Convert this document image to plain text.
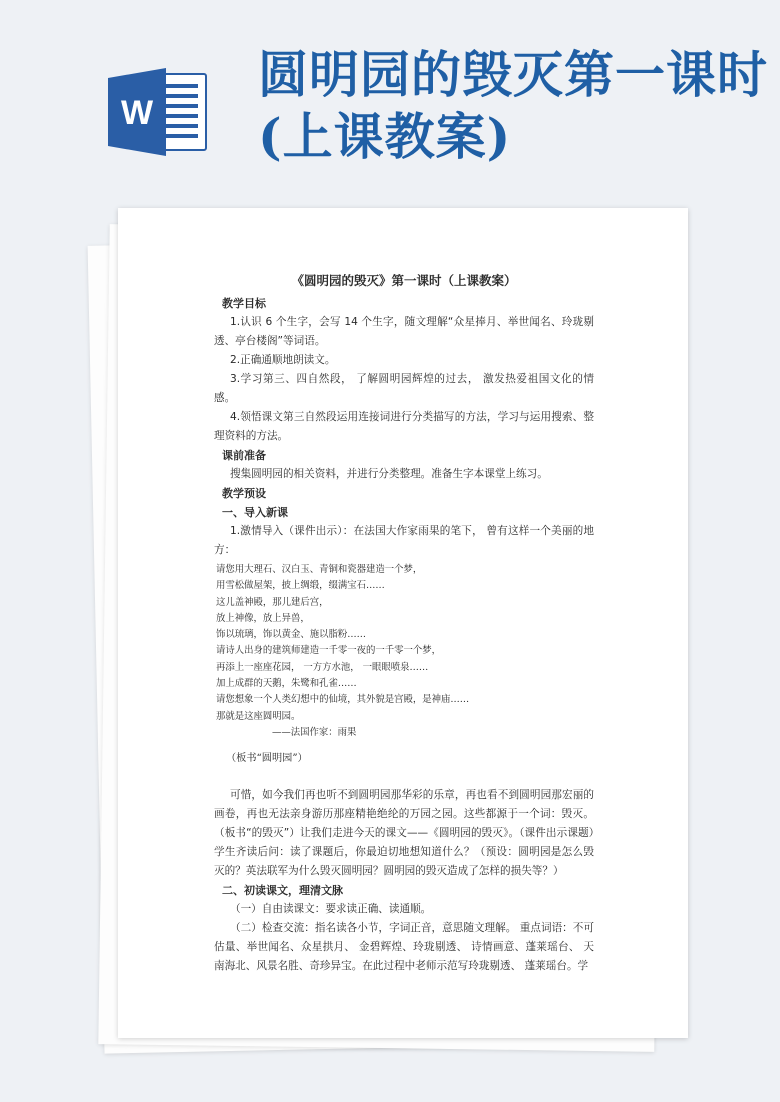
W
圆明园的毁灭第一课时(上课教案)

《圆明园的毁灭》第一课时（上课教案）

教学目标

1.认识 6 个生字，会写 14 个生字，随文理解“众星捧月、举世闻名、玲珑剔透、亭台楼阁”等词语。

2.正确通顺地朗读文。

3.学习第三、四自然段， 了解圆明园辉煌的过去， 激发热爱祖国文化的情感。

4.领悟课文第三自然段运用连接词进行分类描写的方法，学习与运用搜索、整理资料的方法。

课前准备

搜集圆明园的相关资料，并进行分类整理。准备生字本课堂上练习。

教学预设

一、导入新课

1.激情导入（课件出示）：在法国大作家雨果的笔下， 曾有这样一个美丽的地方：

请您用大理石、汉白玉、青铜和瓷器建造一个梦，
用雪松做屋架，披上绸缎，缀满宝石……
这儿盖神殿，那儿建后宫，
放上神像，放上异兽，
饰以琉璃，饰以黄金、施以脂粉……
请诗人出身的建筑师建造一千零一夜的一千零一个梦，
再添上一座座花园， 一方方水池， 一眼眼喷泉……
加上成群的天鹅，朱鹭和孔雀……
请您想象一个人类幻想中的仙境，其外貌是宫殿，是神庙……
那就是这座圆明园。
——法国作家：雨果

（板书“圆明园”）

可惜，如今我们再也听不到圆明园那华彩的乐章，再也看不到圆明园那宏丽的画卷，再也无法亲身游历那座精艳绝纶的万园之园。这些都源于一个词：毁灭。（板书“的毁灭”）让我们走进今天的课文——《圆明园的毁灭》。（课件出示课题）学生齐读后问：读了课题后，你最迫切地想知道什么？（预设：圆明园是怎么毁灭的？英法联军为什么毁灭圆明园？圆明园的毁灭造成了怎样的损失等？）

二、初读课文，理清文脉

（一）自由读课文：要求读正确、读通顺。

（二）检查交流：指名读各小节，字词正音，意思随文理解。 重点词语：不可估量、举世闻名、众星拱月、 金碧辉煌、玲珑剔透、 诗情画意、蓬莱瑶台、 天南海北、风景名胜、奇珍异宝。在此过程中老师示范写玲珑剔透、 蓬莱瑶台。学
